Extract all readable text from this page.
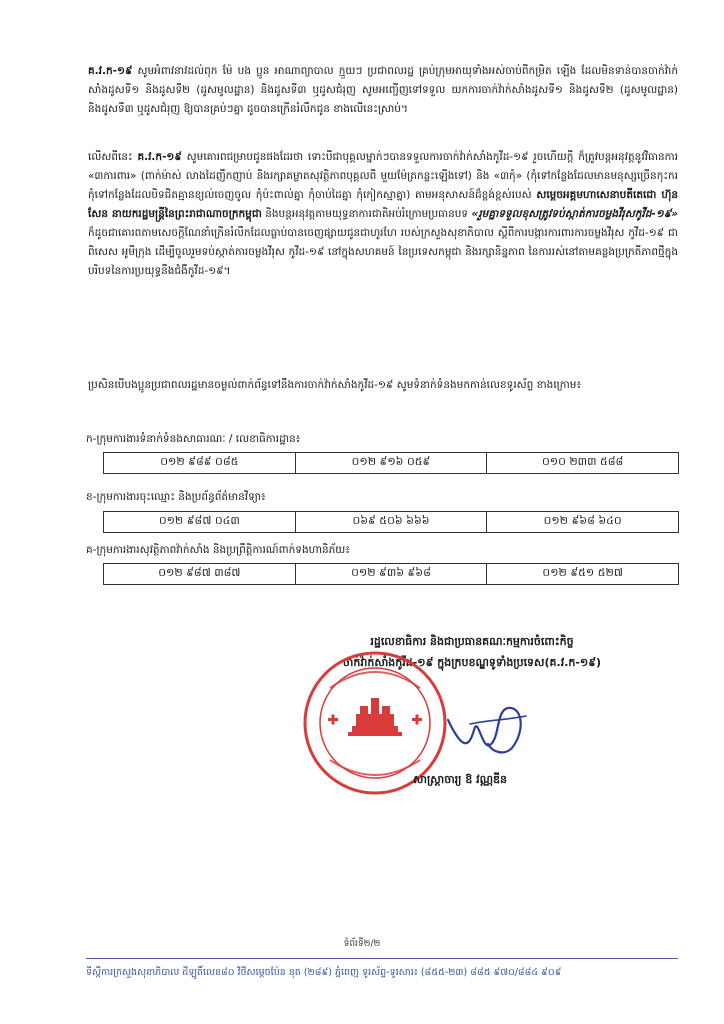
គ.វ.ក-១៩ សូមអំពាវនាវដល់ពុក ម៉ែ បង ប្អូន អាណាព្យាបាល ក្មួយៗ ប្រជាពលរដ្ឋ គ្រប់ក្រុមអាយុទាំងអស់ចាប់ពីកម្រិត ឡើង ដែលមិនទាន់បានចាក់វ៉ាក់សាំងដូសទី១ និងដូសទី២ (ដូសមូលដ្ឋាន) និងដូសទី៣ ឬដូសជំរុញ សូមអញ្ជើញទៅទទួល យកការចាក់វ៉ាក់សាំងដូសទី១ និងដូសទី២ (ដូសមូលដ្ឋាន) និងដូសទី៣ ឬដូសជំរុញ ឱ្យបានគ្រប់ៗគ្នា ដូចបានក្រើនរំលឹកជូន ខាងលើនេះស្រាប់។

លើសពីនេះ គ.វ.ក-១៩ សូមគោរពជម្រាបជូនផងដែរថា ទោះបីជាបុគ្គលម្នាក់ៗបានទទួលការចាក់វ៉ាក់សាំងកូវីដ-១៩ រួចហើយក្ដី ក៏ត្រូវបន្តអនុវត្តនូវវិធានការ «៣ការពារ» (ពាក់ម៉ាស់ លាងដៃញឹកញាប់ និងរក្សាគម្លាតសុវត្ថិភាពបុគ្គលពី មួយម៉ែត្រកន្លះឡើងទៅ) និង «៣កុំ» (កុំទៅកន្លែងដែលមានមនុស្សច្រើនកុះករ កុំទៅកន្លែងដែលបិទជិតគ្មានខ្យល់ចេញចូល កុំប៉ះពាល់គ្នា កុំចាប់ដៃគ្នា កុំកៀកស្មាគ្នា) តាមអនុសាសន៍ដ៏ខ្ពង់ខ្ពស់របស់ សម្តេចអគ្គមហាសេនាបតីតេជោ ហ៊ុន សែន នាយករដ្ឋមន្ត្រីនៃព្រះរាជាណាចក្រកម្ពុជា និងបន្តអនុវត្តតាមយុទ្ធនាការជាតិអប់រំក្រោមប្រធានបទ «រួមគ្នាទទួលខុសត្រូវទប់ស្កាត់ការចម្លងវីរុសកូវីដ-១៩» ក៏ដូចជាគោរពតាមសេចក្តីណែនាំក្រើនរំលឹកដែលធ្លាប់បានចេញផ្សាយជូនជាហូរហែ របស់ក្រសួងសុខាភិបាល ស្តីពីការបង្ការការពារការចម្លងវីរុស កូវីដ-១៩ ជាពិសេស អូមីក្រុង ដើម្បីចូលរួមទប់ស្កាត់ការចម្លងវីរុស កូវីដ-១៩ នៅក្នុងសហគមន៍ នៃប្រទេសកម្ពុជា និងរក្សានិន្នភាព នៃការរស់នៅតាមគន្លងប្រក្រតីភាពថ្មីក្នុងបរិបទនៃការប្រយុទ្ធនឹងជំងឺកូវីដ-១៩។

ប្រសិនបើបងប្អូនប្រជាពលរដ្ឋមានចម្ងល់ពាក់ព័ន្ធទៅនឹងការចាក់វ៉ាក់សាំងកូវីដ-១៩ សូមទំនាក់ទំនងមកកាន់លេខទូរស័ព្ទ ខាងក្រោម៖

ក-ក្រុមការងារទំនាក់ទំនងសាធារណៈ / លេខាធិការដ្ឋាន៖

០១២ ៩៨៩ ០៨៥	០១២ ៩១៦ ០៥៩	០១០ ២៣៣ ៥៨៨

ខ-ក្រុមការងារចុះឈ្មោះ និងប្រព័ន្ធព័ត៌មានវិទ្យា៖

០១២ ៩៨៧ ០៤៣	០៦៩ ៥០៦ ៦៦៦	០១២ ៩៦៨ ៦៤០

គ-ក្រុមការងារសុវត្ថិភាពវ៉ាក់សាំង និងប្រព្រឹត្តិការណ៍ពាក់ទងហានិភ័យ៖

០១២ ៩៨៧ ៣៨៧	០១២ ៩៣៦ ៩៦៨	០១២ ៩៥១ ៥២៧

រដ្ឋលេខាធិការ និងជាប្រធានគណៈកម្មការចំពោះកិច្ច

ចាក់វ៉ាក់សាំងកូវីដ-១៩ ក្នុងក្របខណ្ឌទូទាំងប្រទេស(គ.វ.ក-១៩)

សាស្ត្រាចារ្យ ឱ វណ្ណឌីន

ទំព័រទី២/២

ទីស្តីការក្រសួងសុខាភិបាល ដីឡូតិ៍លេខ៨០ វិថីសម្តេចប៉ែន នុត (២៨៩) ភ្នំពេញ ទូរស័ព្ទ-ទូរសារ៖ (៨៥៥-២៣) ៨៨៥ ៩៧០/៨៨៤ ៩០៩
